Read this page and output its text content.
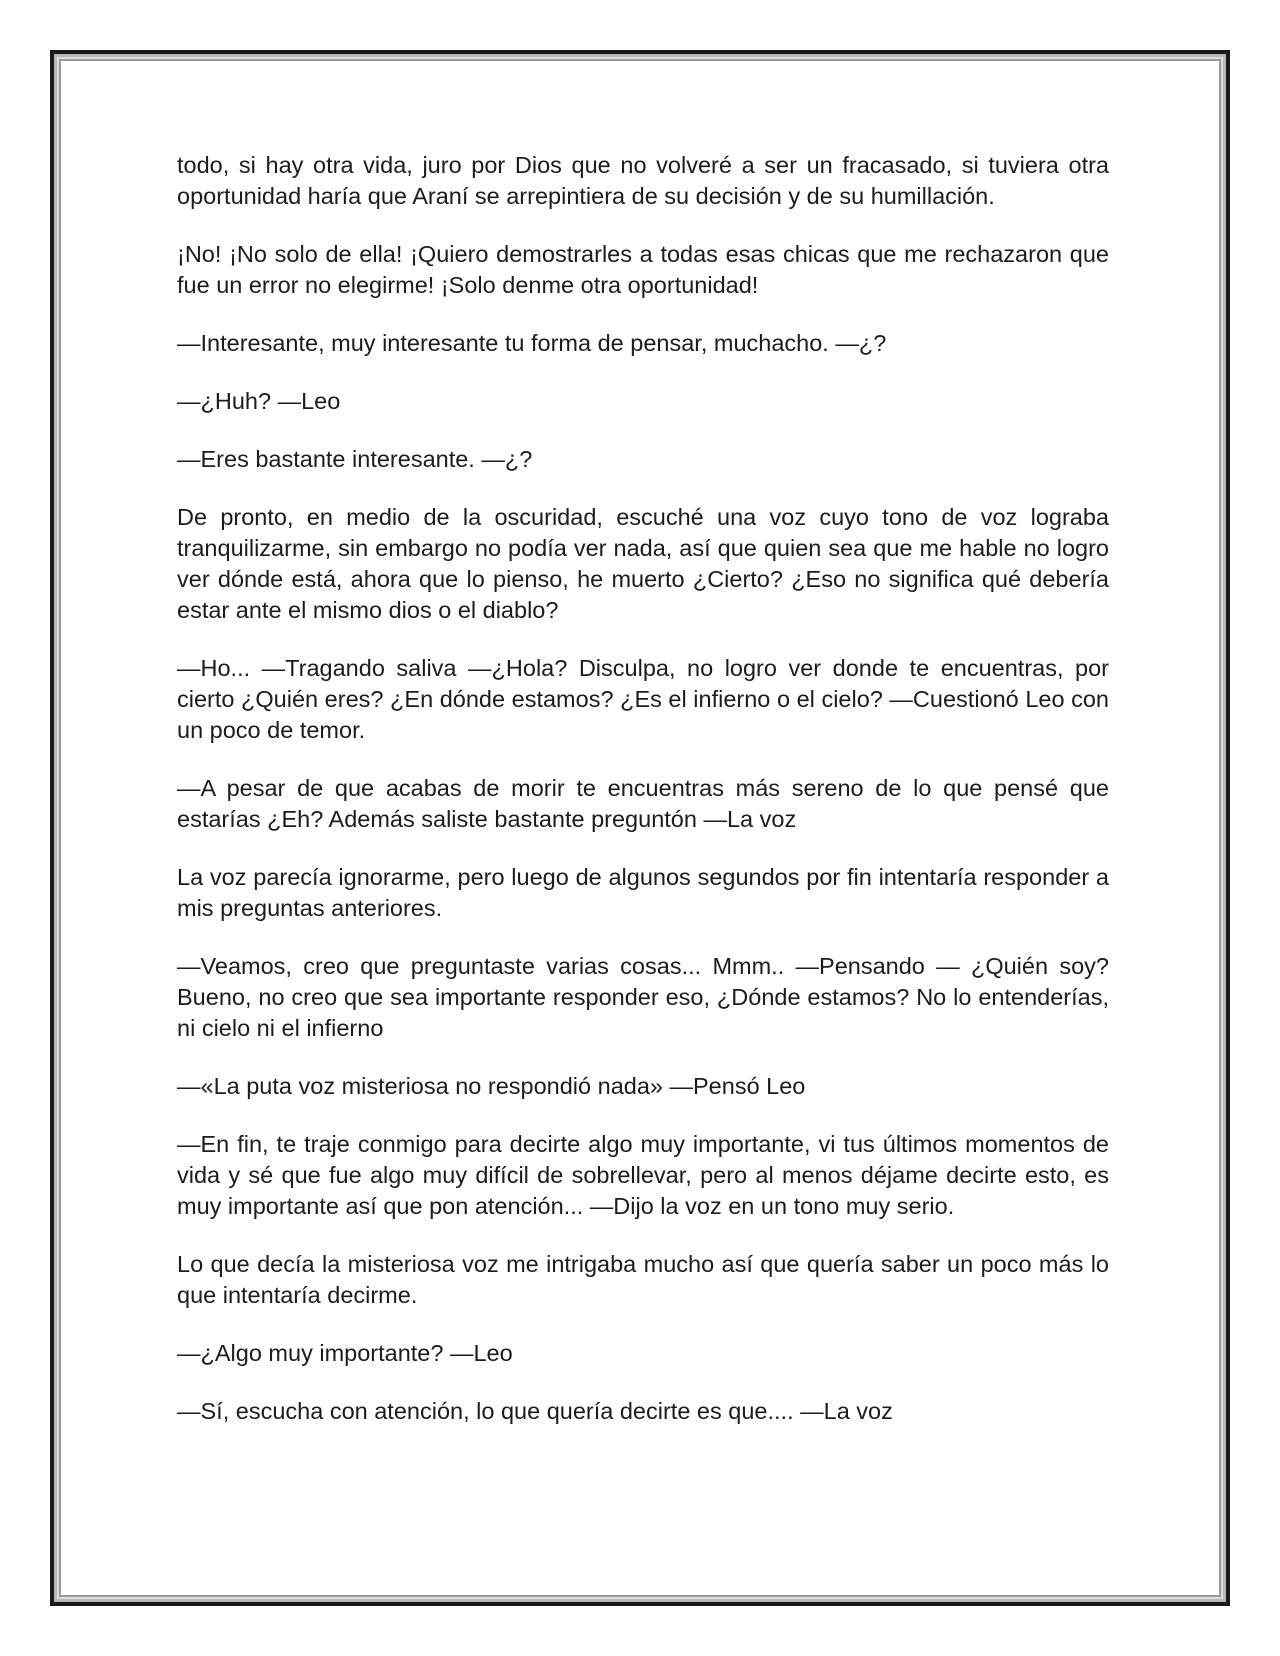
todo, si hay otra vida, juro por Dios que no volveré a ser un fracasado, si tuviera otra oportunidad haría que Araní se arrepintiera de su decisión y de su humillación.

¡No! ¡No solo de ella! ¡Quiero demostrarles a todas esas chicas que me rechazaron que fue un error no elegirme! ¡Solo denme otra oportunidad!

—Interesante, muy interesante tu forma de pensar, muchacho. —¿?

—¿Huh? —Leo

—Eres bastante interesante. —¿?

De pronto, en medio de la oscuridad, escuché una voz cuyo tono de voz lograba tranquilizarme, sin embargo no podía ver nada, así que quien sea que me hable no logro ver dónde está, ahora que lo pienso, he muerto ¿Cierto? ¿Eso no significa qué debería estar ante el mismo dios o el diablo?

—Ho... —Tragando saliva —¿Hola? Disculpa, no logro ver donde te encuentras, por cierto ¿Quién eres? ¿En dónde estamos? ¿Es el infierno o el cielo? —Cuestionó Leo con un poco de temor.

—A pesar de que acabas de morir te encuentras más sereno de lo que pensé que estarías ¿Eh? Además saliste bastante preguntón —La voz

La voz parecía ignorarme, pero luego de algunos segundos por fin intentaría responder a mis preguntas anteriores.

—Veamos, creo que preguntaste varias cosas... Mmm.. —Pensando — ¿Quién soy? Bueno, no creo que sea importante responder eso, ¿Dónde estamos? No lo entenderías, ni cielo ni el infierno

—«La puta voz misteriosa no respondió nada» —Pensó Leo

—En fin, te traje conmigo para decirte algo muy importante, vi tus últimos momentos de vida y sé que fue algo muy difícil de sobrellevar, pero al menos déjame decirte esto, es muy importante así que pon atención... —Dijo la voz en un tono muy serio.

Lo que decía la misteriosa voz me intrigaba mucho así que quería saber un poco más lo que intentaría decirme.

—¿Algo muy importante? —Leo

—Sí, escucha con atención, lo que quería decirte es que.... —La voz
